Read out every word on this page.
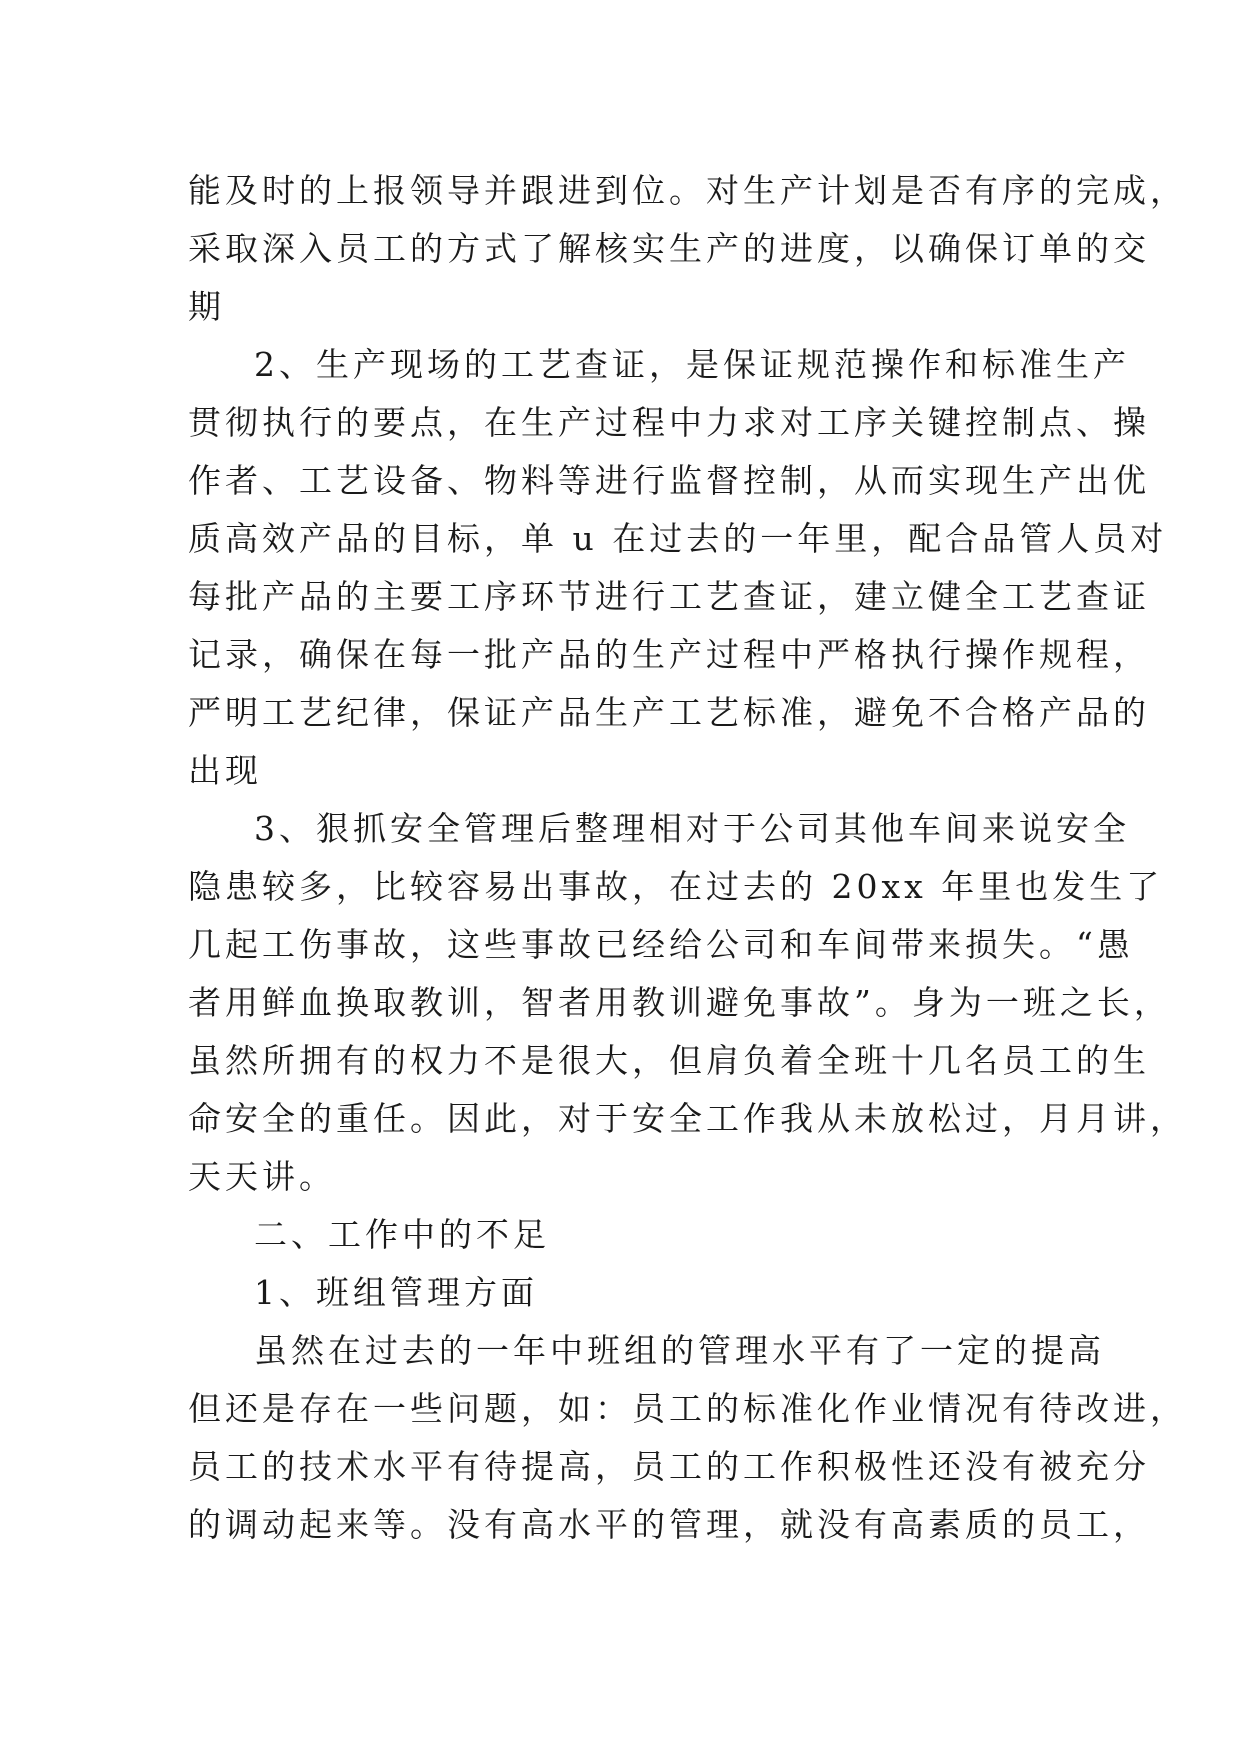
能及时的上报领导并跟进到位。对生产计划是否有序的完成，
采取深入员工的方式了解核实生产的进度，以确保订单的交
期
2、生产现场的工艺查证，是保证规范操作和标准生产
贯彻执行的要点，在生产过程中力求对工序关键控制点、操
作者、工艺设备、物料等进行监督控制，从而实现生产出优
质高效产品的目标，单 u 在过去的一年里，配合品管人员对
每批产品的主要工序环节进行工艺查证，建立健全工艺查证
记录，确保在每一批产品的生产过程中严格执行操作规程，
严明工艺纪律，保证产品生产工艺标准，避免不合格产品的
出现
3、狠抓安全管理后整理相对于公司其他车间来说安全
隐患较多，比较容易出事故，在过去的 20xx 年里也发生了
几起工伤事故，这些事故已经给公司和车间带来损失。“愚
者用鲜血换取教训，智者用教训避免事故”。身为一班之长，
虽然所拥有的权力不是很大，但肩负着全班十几名员工的生
命安全的重任。因此，对于安全工作我从未放松过，月月讲，
天天讲。
二、工作中的不足
1、班组管理方面
虽然在过去的一年中班组的管理水平有了一定的提高
但还是存在一些问题，如：员工的标准化作业情况有待改进，
员工的技术水平有待提高，员工的工作积极性还没有被充分
的调动起来等。没有高水平的管理，就没有高素质的员工，
